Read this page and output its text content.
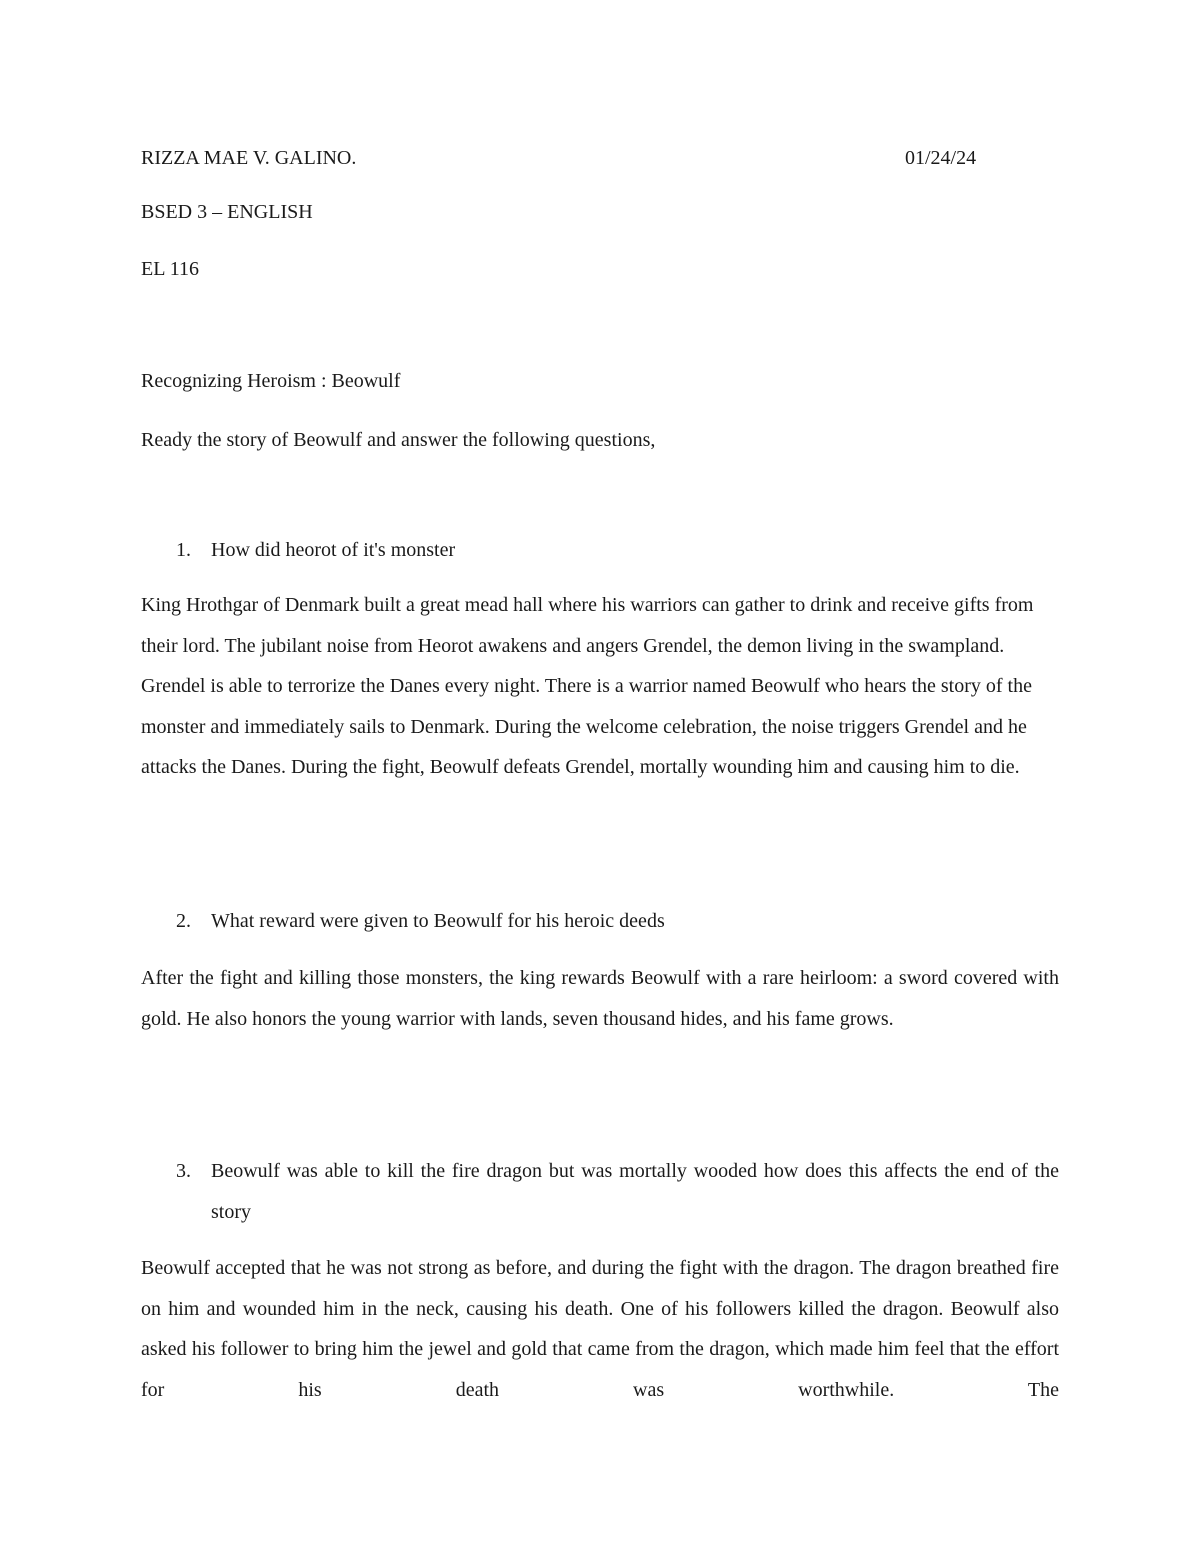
RIZZA MAE V. GALINO.	01/24/24
BSED 3 – ENGLISH
EL 116
Recognizing Heroism : Beowulf
Ready the story of Beowulf and answer the following questions,
1. How did heorot of it's monster
King Hrothgar of Denmark built a great mead hall where his warriors can gather to drink and receive gifts from their lord. The jubilant noise from Heorot awakens and angers Grendel, the demon living in the swampland. Grendel is able to terrorize the Danes every night. There is a warrior named Beowulf who hears the story of the monster and immediately sails to Denmark. During the welcome celebration, the noise triggers Grendel and he attacks the Danes. During the fight, Beowulf defeats Grendel, mortally wounding him and causing him to die.
2. What reward were given to Beowulf for his heroic deeds
After the fight and killing those monsters, the king rewards Beowulf with a rare heirloom: a sword covered with gold. He also honors the young warrior with lands, seven thousand hides, and his fame grows.
3. Beowulf was able to kill the fire dragon but was mortally wooded how does this affects the end of the story
Beowulf accepted that he was not strong as before, and during the fight with the dragon. The dragon breathed fire on him and wounded him in the neck, causing his death. One of his followers killed the dragon. Beowulf also asked his follower to bring him the jewel and gold that came from the dragon, which made him feel that the effort for his death was worthwhile. The
